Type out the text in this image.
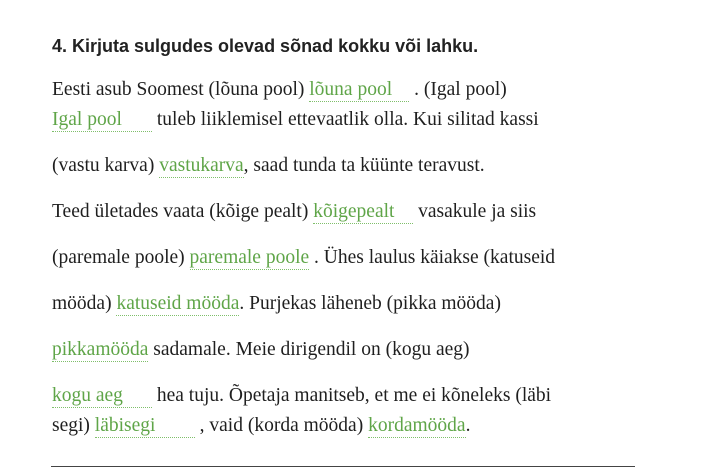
4. Kirjuta sulgudes olevad sõnad kokku või lahku.
Eesti asub Soomest (lõuna pool) lõuna pool . (Igal pool)
Igal pool tuleb liiklemisel ettevaatlik olla. Kui silitad kassi
(vastu karva) vastukarva, saad tunda ta küünte teravust.
Teed ületades vaata (kõige pealt) kõigepealt vasakule ja siis
(paremale poole) paremale poole . Ühes laulus käiakse (katuseid
mööda) katuseid mööda. Purjekas läheneb (pikka mööda)
pikkamööda sadamale. Meie dirigendil on (kogu aeg)
kogu aeg hea tuju. Õpetaja manitseb, et me ei kõneleks (läbi
segi) läbisegi , vaid (korda mööda) kordamööda.
